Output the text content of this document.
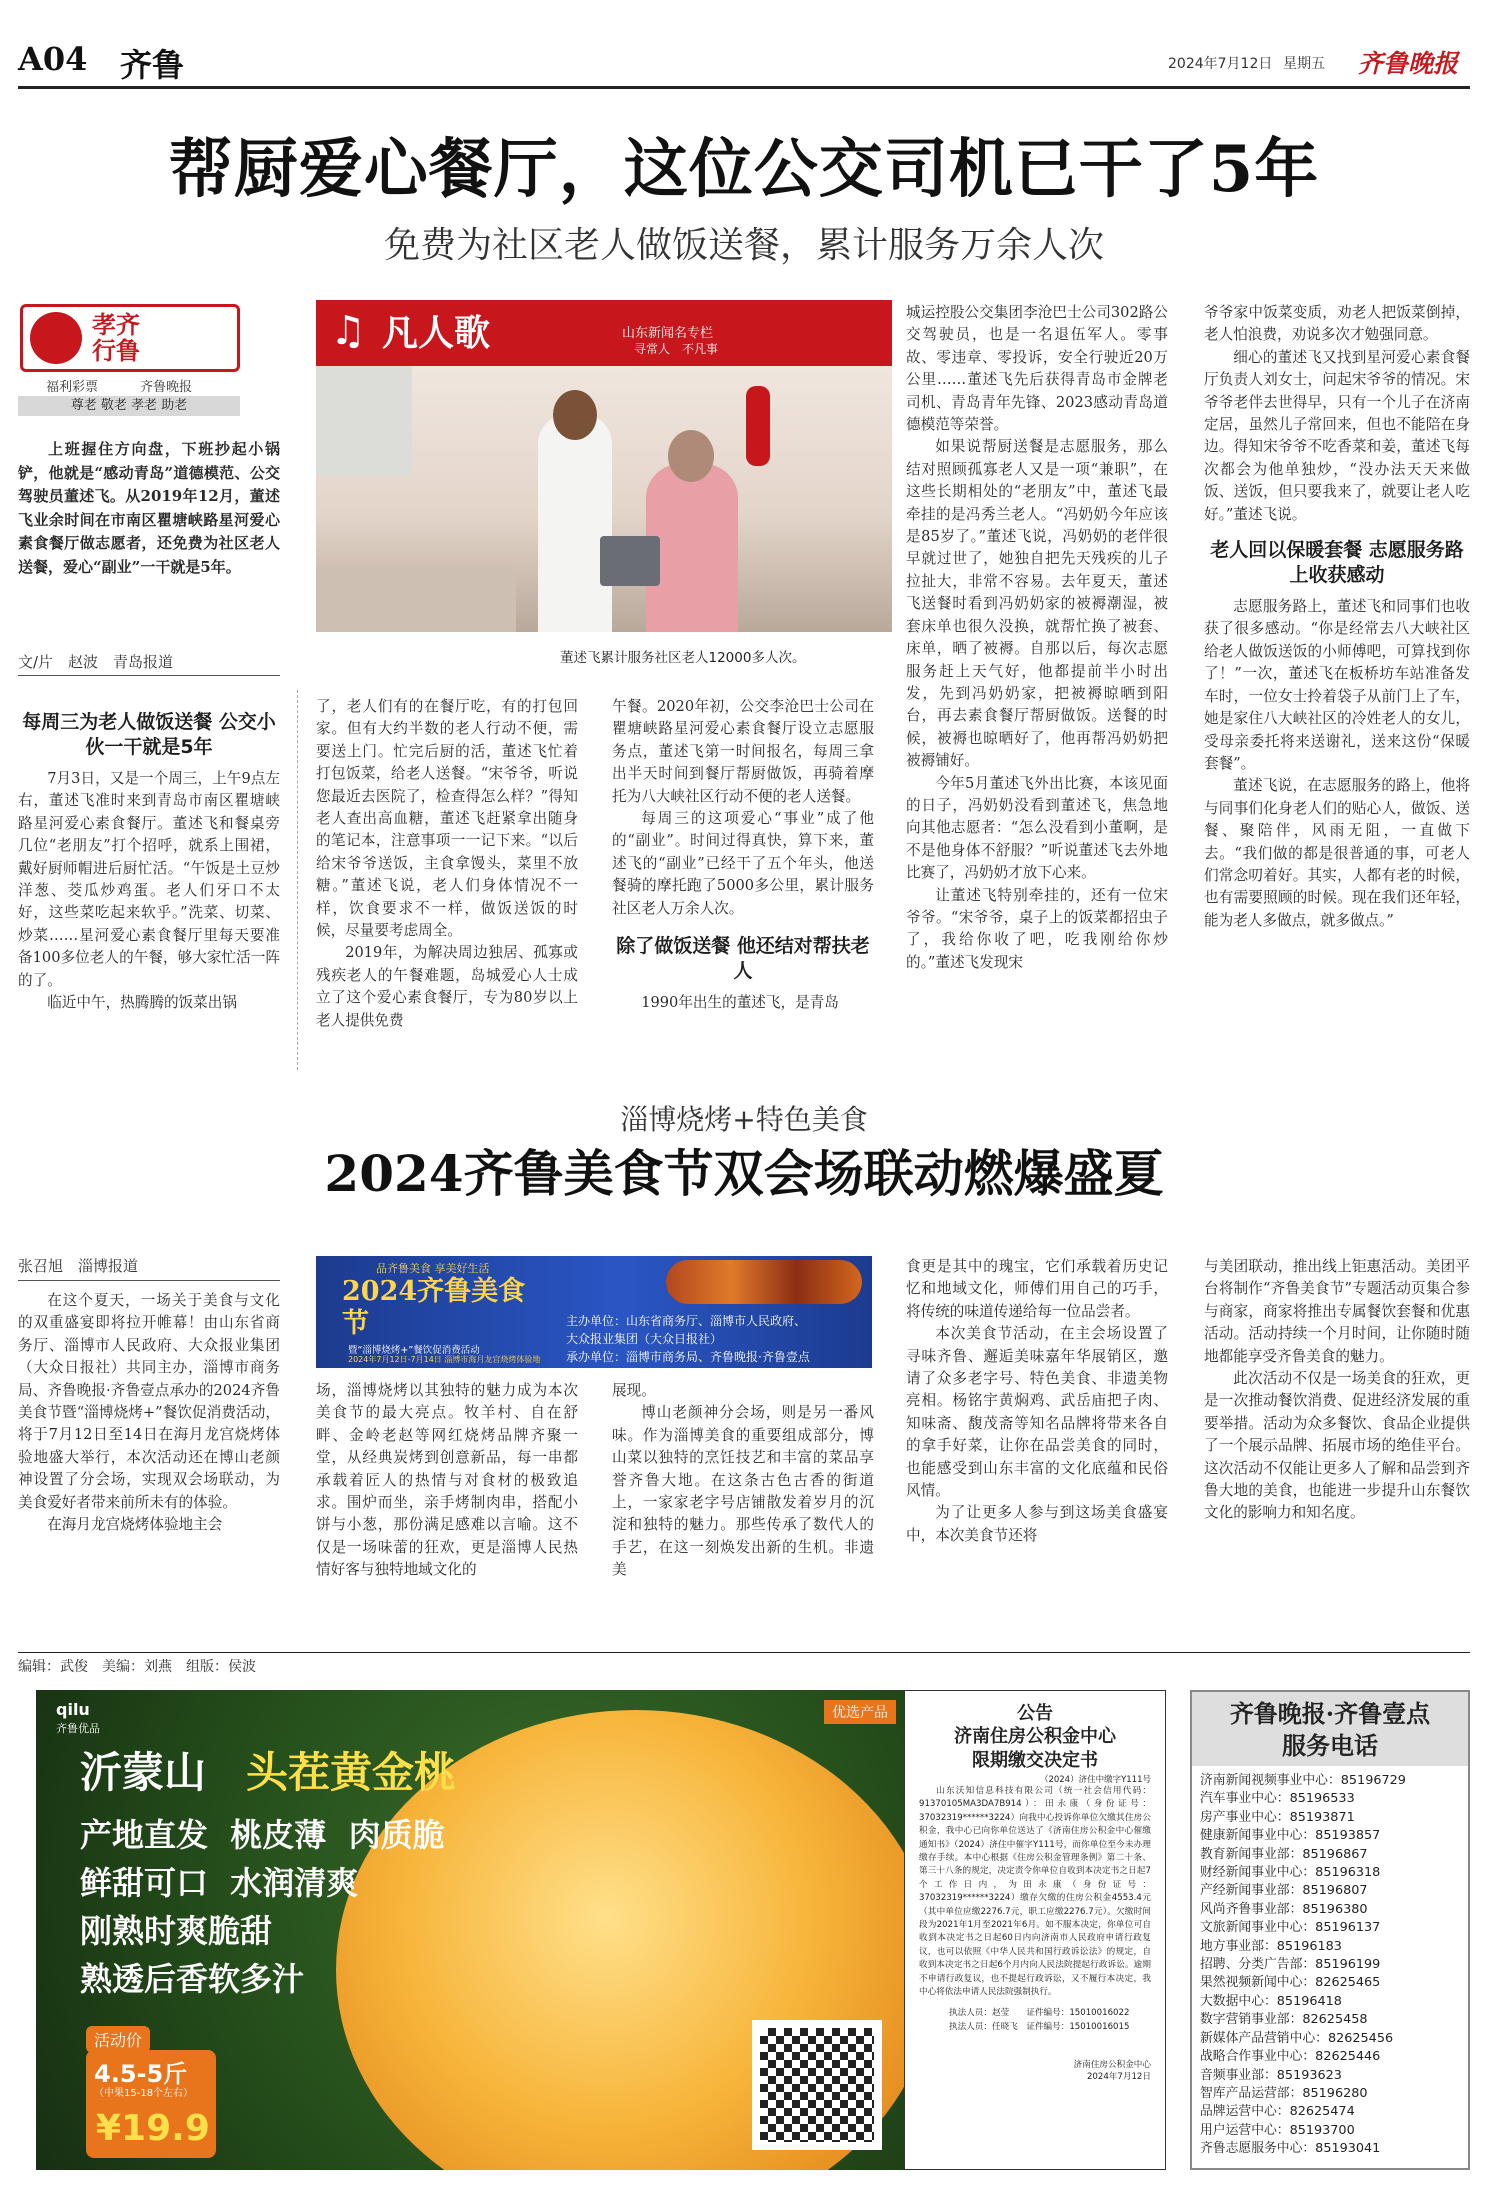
A04 齐鲁	2024年7月12日 星期五 齐鲁晚报
帮厨爱心餐厅，这位公交司机已干了5年
免费为社区老人做饭送餐，累计服务万余人次
孝齐行鲁
福利彩票	齐鲁晚报
尊老 敬老 孝老 助老

上班握住方向盘，下班抄起小锅铲，他就是“感动青岛”道德模范、公交驾驶员董述飞。从2019年12月，董述飞业余时间在市南区瞿塘峡路星河爱心素食餐厅做志愿者，还免费为社区老人送餐，爱心“副业”一干就是5年。

文/片　赵波　青岛报道
♫ 凡人歌	山东新闻名专栏
寻常人　不凡事
董述飞累计服务社区老人12000多人次。
每周三为老人做饭送餐 公交小伙一干就是5年

7月3日，又是一个周三，上午9点左右，董述飞准时来到青岛市南区瞿塘峡路星河爱心素食餐厅。董述飞和餐桌旁几位“老朋友”打个招呼，就系上围裙，戴好厨师帽进后厨忙活。“午饭是土豆炒洋葱、茭瓜炒鸡蛋。老人们牙口不太好，这些菜吃起来软乎。”洗菜、切菜、炒菜……星河爱心素食餐厅里每天要准备100多位老人的午餐，够大家忙活一阵的了。

临近中午，热腾腾的饭菜出锅

了，老人们有的在餐厅吃，有的打包回家。但有大约半数的老人行动不便，需要送上门。忙完后厨的活，董述飞忙着打包饭菜，给老人送餐。“宋爷爷，听说您最近去医院了，检查得怎么样？”得知老人查出高血糖，董述飞赶紧拿出随身的笔记本，注意事项一一记下来。“以后给宋爷爷送饭，主食拿馒头，菜里不放糖。”董述飞说，老人们身体情况不一样，饮食要求不一样，做饭送饭的时候，尽量要考虑周全。

2019年，为解决周边独居、孤寡或残疾老人的午餐难题，岛城爱心人士成立了这个爱心素食餐厅，专为80岁以上老人提供免费

午餐。2020年初，公交李沧巴士公司在瞿塘峡路星河爱心素食餐厅设立志愿服务点，董述飞第一时间报名，每周三拿出半天时间到餐厅帮厨做饭，再骑着摩托为八大峡社区行动不便的老人送餐。

每周三的这项爱心“事业”成了他的“副业”。时间过得真快，算下来，董述飞的“副业”已经干了五个年头，他送餐骑的摩托跑了5000多公里，累计服务社区老人万余人次。

除了做饭送餐 他还结对帮扶老人

1990年出生的董述飞，是青岛

城运控股公交集团李沧巴士公司302路公交驾驶员，也是一名退伍军人。零事故、零违章、零投诉，安全行驶近20万公里……董述飞先后获得青岛市金牌老司机、青岛青年先锋、2023感动青岛道德模范等荣誉。

如果说帮厨送餐是志愿服务，那么结对照顾孤寡老人又是一项“兼职”，在这些长期相处的“老朋友”中，董述飞最牵挂的是冯秀兰老人。“冯奶奶今年应该是85岁了。”董述飞说，冯奶奶的老伴很早就过世了，她独自把先天残疾的儿子拉扯大，非常不容易。去年夏天，董述飞送餐时看到冯奶奶家的被褥潮湿，被套床单也很久没换，就帮忙换了被套、床单，晒了被褥。自那以后，每次志愿服务赶上天气好，他都提前半小时出发，先到冯奶奶家，把被褥晾晒到阳台，再去素食餐厅帮厨做饭。送餐的时候，被褥也晾晒好了，他再帮冯奶奶把被褥铺好。

今年5月董述飞外出比赛，本该见面的日子，冯奶奶没看到董述飞，焦急地向其他志愿者：“怎么没看到小董啊，是不是他身体不舒服？”听说董述飞去外地比赛了，冯奶奶才放下心来。

让董述飞特别牵挂的，还有一位宋爷爷。“宋爷爷，桌子上的饭菜都招虫子了，我给你收了吧，吃我刚给你炒的。”董述飞发现宋

爷爷家中饭菜变质，劝老人把饭菜倒掉，老人怕浪费，劝说多次才勉强同意。

细心的董述飞又找到星河爱心素食餐厅负责人刘女士，问起宋爷爷的情况。宋爷爷老伴去世得早，只有一个儿子在济南定居，虽然儿子常回来，但也不能陪在身边。得知宋爷爷不吃香菜和姜，董述飞每次都会为他单独炒，“没办法天天来做饭、送饭，但只要我来了，就要让老人吃好。”董述飞说。

老人回以保暖套餐 志愿服务路上收获感动

志愿服务路上，董述飞和同事们也收获了很多感动。“你是经常去八大峡社区给老人做饭送饭的小师傅吧，可算找到你了！”一次，董述飞在板桥坊车站准备发车时，一位女士拎着袋子从前门上了车，她是家住八大峡社区的冷姓老人的女儿，受母亲委托将来送谢礼，送来这份“保暖套餐”。

董述飞说，在志愿服务的路上，他将与同事们化身老人们的贴心人，做饭、送餐、聚陪伴，风雨无阻，一直做下去。“我们做的都是很普通的事，可老人们常念叨着好。其实，人都有老的时候，也有需要照顾的时候。现在我们还年轻，能为老人多做点，就多做点。”

淄博烧烤+特色美食
2024齐鲁美食节双会场联动燃爆盛夏
张召旭　淄博报道	品齐鲁美食 享美好生活
2024齐鲁美食节
暨“淄博烧烤+”餐饮促消费活动
2024年7月12日-7月14日 淄博市海月龙宫烧烤体验地
主办单位：山东省商务厅、淄博市人民政府、
大众报业集团（大众日报社）
承办单位：淄博市商务局、齐鲁晚报·齐鲁壹点

在这个夏天，一场关于美食与文化的双重盛宴即将拉开帷幕！由山东省商务厅、淄博市人民政府、大众报业集团（大众日报社）共同主办，淄博市商务局、齐鲁晚报·齐鲁壹点承办的2024齐鲁美食节暨“淄博烧烤+”餐饮促消费活动，将于7月12日至14日在海月龙宫烧烤体验地盛大举行，本次活动还在博山老颜神设置了分会场，实现双会场联动，为美食爱好者带来前所未有的体验。

在海月龙宫烧烤体验地主会

场，淄博烧烤以其独特的魅力成为本次美食节的最大亮点。牧羊村、自在舒畔、金岭老赵等网红烧烤品牌齐聚一堂，从经典炭烤到创意新品，每一串都承载着匠人的热情与对食材的极致追求。围炉而坐，亲手烤制肉串，搭配小饼与小葱，那份满足感难以言喻。这不仅是一场味蕾的狂欢，更是淄博人民热情好客与独特地域文化的

展现。

博山老颜神分会场，则是另一番风味。作为淄博美食的重要组成部分，博山菜以独特的烹饪技艺和丰富的菜品享誉齐鲁大地。在这条古色古香的街道上，一家家老字号店铺散发着岁月的沉淀和独特的魅力。那些传承了数代人的手艺，在这一刻焕发出新的生机。非遗美

食更是其中的瑰宝，它们承载着历史记忆和地域文化，师傅们用自己的巧手，将传统的味道传递给每一位品尝者。

本次美食节活动，在主会场设置了寻味齐鲁、邂逅美味嘉年华展销区，邀请了众多老字号、特色美食、非遗美物亮相。杨铭宇黄焖鸡、武岳庙把子肉、知味斋、馥茂斋等知名品牌将带来各自的拿手好菜，让你在品尝美食的同时，也能感受到山东丰富的文化底蕴和民俗风情。

为了让更多人参与到这场美食盛宴中，本次美食节还将

与美团联动，推出线上钜惠活动。美团平台将制作“齐鲁美食节”专题活动页集合参与商家，商家将推出专属餐饮套餐和优惠活动。活动持续一个月时间，让你随时随地都能享受齐鲁美食的魅力。

此次活动不仅是一场美食的狂欢，更是一次推动餐饮消费、促进经济发展的重要举措。活动为众多餐饮、食品企业提供了一个展示品牌、拓展市场的绝佳平台。这次活动不仅能让更多人了解和品尝到齐鲁大地的美食，也能进一步提升山东餐饮文化的影响力和知名度。

编辑：武俊　美编：刘燕　组版：侯波
qilu
齐鲁优品
优选产品
沂蒙山 头茬黄金桃
产地直发  桃皮薄  肉质脆
鲜甜可口  水润清爽
刚熟时爽脆甜
熟透后香软多汁
活动价
4.5-5斤
（中果15-18个左右）
¥19.9
公告
济南住房公积金中心
限期缴交决定书
（2024）济住中缴字Y111号
山东沃知信息科技有限公司（统一社会信用代码：91370105MA3DA7B914）：田永康（身份证号：37032319******3224）向我中心投诉你单位欠缴其住房公积金，我中心已向你单位送达了《济南住房公积金中心催缴通知书》（2024）济住中催字Y111号，而你单位至今未办理缴存手续。本中心根据《住房公积金管理条例》第二十条、第三十八条的规定，决定责令你单位自收到本决定书之日起7个工作日内，为田永康（身份证号：37032319******3224）缴存欠缴的住房公积金4553.4元（其中单位应缴2276.7元，职工应缴2276.7元）。欠缴时间段为2021年1月至2021年6月。如不服本决定，你单位可自收到本决定书之日起60日内向济南市人民政府申请行政复议，也可以依照《中华人民共和国行政诉讼法》的规定，自收到本决定书之日起6个月内向人民法院提起行政诉讼。逾期不申请行政复议，也不提起行政诉讼，又不履行本决定，我中心将依法申请人民法院强制执行。
执法人员：赵莹　　证件编号：15010016022
执法人员：任晓飞　证件编号：15010016015
济南住房公积金中心
2024年7月12日
齐鲁晚报·齐鲁壹点
服务电话
济南新闻视频事业中心：85196729
汽车事业中心：85196533
房产事业中心：85193871
健康新闻事业中心：85193857
教育新闻事业部：85196867
财经新闻事业中心：85196318
产经新闻事业部：85196807
风尚齐鲁事业部：85196380
文旅新闻事业中心：85196137
地方事业部：85196183
招聘、分类广告部：85196199
果然视频新闻中心：82625465
大数据中心：85196418
数字营销事业部：82625458
新媒体产品营销中心：82625456
战略合作事业中心：82625446
音频事业部：85193623
智库产品运营部：85196280
品牌运营中心：82625474
用户运营中心：85193700
齐鲁志愿服务中心：85193041
